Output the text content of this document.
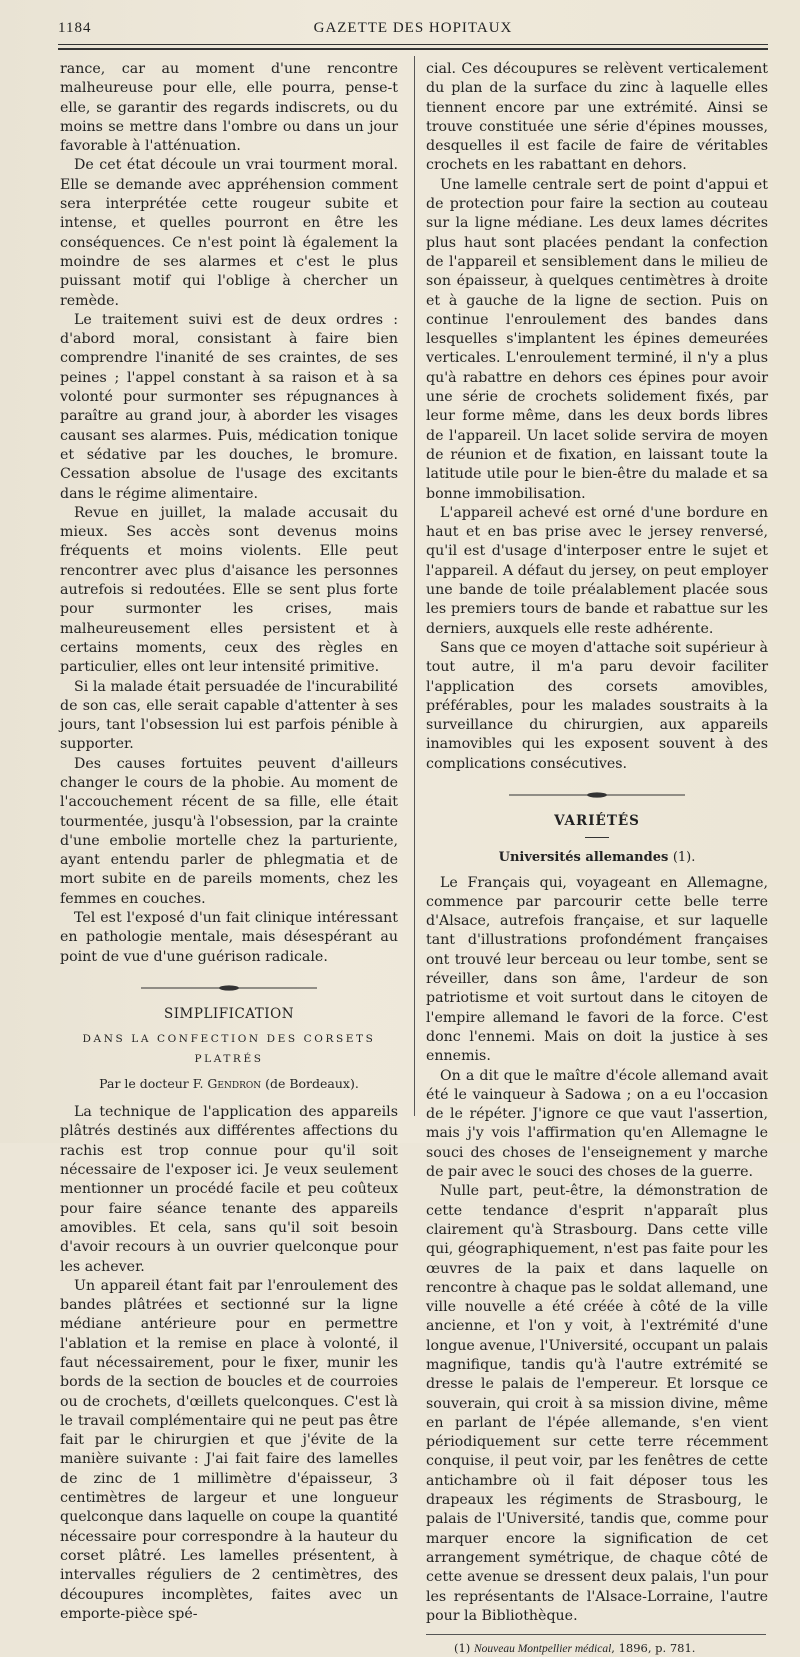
1184	GAZETTE DES HOPITAUX

rance, car au moment d'une rencontre malheureuse pour elle, elle pourra, pense-t elle, se garantir des regards indiscrets, ou du moins se mettre dans l'ombre ou dans un jour favorable à l'atténuation.

De cet état découle un vrai tourment moral. Elle se demande avec appréhension comment sera interprétée cette rougeur subite et intense, et quelles pourront en être les conséquences. Ce n'est point là également la moindre de ses alarmes et c'est le plus puissant motif qui l'oblige à chercher un remède.

Le traitement suivi est de deux ordres : d'abord moral, consistant à faire bien comprendre l'inanité de ses craintes, de ses peines ; l'appel constant à sa raison et à sa volonté pour surmonter ses répugnances à paraître au grand jour, à aborder les visages causant ses alarmes. Puis, médication tonique et sédative par les douches, le bromure. Cessation absolue de l'usage des excitants dans le régime alimentaire.

Revue en juillet, la malade accusait du mieux. Ses accès sont devenus moins fréquents et moins violents. Elle peut rencontrer avec plus d'aisance les personnes autrefois si redoutées. Elle se sent plus forte pour surmonter les crises, mais malheureusement elles persistent et à certains moments, ceux des règles en particulier, elles ont leur intensité primitive.

Si la malade était persuadée de l'incurabilité de son cas, elle serait capable d'attenter à ses jours, tant l'obsession lui est parfois pénible à supporter.

Des causes fortuites peuvent d'ailleurs changer le cours de la phobie. Au moment de l'accouchement récent de sa fille, elle était tourmentée, jusqu'à l'obsession, par la crainte d'une embolie mortelle chez la parturiente, ayant entendu parler de phlegmatia et de mort subite en de pareils moments, chez les femmes en couches.

Tel est l'exposé d'un fait clinique intéressant en pathologie mentale, mais désespérant au point de vue d'une guérison radicale.

SIMPLIFICATION
DANS LA CONFECTION DES CORSETS PLATRÉS
Par le docteur F. Gendron (de Bordeaux).

La technique de l'application des appareils plâtrés destinés aux différentes affections du rachis est trop connue pour qu'il soit nécessaire de l'exposer ici. Je veux seulement mentionner un procédé facile et peu coûteux pour faire séance tenante des appareils amovibles. Et cela, sans qu'il soit besoin d'avoir recours à un ouvrier quelconque pour les achever.

Un appareil étant fait par l'enroulement des bandes plâtrées et sectionné sur la ligne médiane antérieure pour en permettre l'ablation et la remise en place à volonté, il faut nécessairement, pour le fixer, munir les bords de la section de boucles et de courroies ou de crochets, d'œillets quelconques. C'est là le travail complémentaire qui ne peut pas être fait par le chirurgien et que j'évite de la manière suivante : J'ai fait faire des lamelles de zinc de 1 millimètre d'épaisseur, 3 centimètres de largeur et une longueur quelconque dans laquelle on coupe la quantité nécessaire pour correspondre à la hauteur du corset plâtré. Les lamelles présentent, à intervalles réguliers de 2 centimètres, des découpures incomplètes, faites avec un emporte-pièce spé-

cial. Ces découpures se relèvent verticalement du plan de la surface du zinc à laquelle elles tiennent encore par une extrémité. Ainsi se trouve constituée une série d'épines mousses, desquelles il est facile de faire de véritables crochets en les rabattant en dehors.

Une lamelle centrale sert de point d'appui et de protection pour faire la section au couteau sur la ligne médiane. Les deux lames décrites plus haut sont placées pendant la confection de l'appareil et sensiblement dans le milieu de son épaisseur, à quelques centimètres à droite et à gauche de la ligne de section. Puis on continue l'enroulement des bandes dans lesquelles s'implantent les épines demeurées verticales. L'enroulement terminé, il n'y a plus qu'à rabattre en dehors ces épines pour avoir une série de crochets solidement fixés, par leur forme même, dans les deux bords libres de l'appareil. Un lacet solide servira de moyen de réunion et de fixation, en laissant toute la latitude utile pour le bien-être du malade et sa bonne immobilisation.

L'appareil achevé est orné d'une bordure en haut et en bas prise avec le jersey renversé, qu'il est d'usage d'interposer entre le sujet et l'appareil. A défaut du jersey, on peut employer une bande de toile préalablement placée sous les premiers tours de bande et rabattue sur les derniers, auxquels elle reste adhérente.

Sans que ce moyen d'attache soit supérieur à tout autre, il m'a paru devoir faciliter l'application des corsets amovibles, préférables, pour les malades soustraits à la surveillance du chirurgien, aux appareils inamovibles qui les exposent souvent à des complications consécutives.

VARIÉTÉS
Universités allemandes (1).

Le Français qui, voyageant en Allemagne, commence par parcourir cette belle terre d'Alsace, autrefois française, et sur laquelle tant d'illustrations profondément françaises ont trouvé leur berceau ou leur tombe, sent se réveiller, dans son âme, l'ardeur de son patriotisme et voit surtout dans le citoyen de l'empire allemand le favori de la force. C'est donc l'ennemi. Mais on doit la justice à ses ennemis.

On a dit que le maître d'école allemand avait été le vainqueur à Sadowa ; on a eu l'occasion de le répéter. J'ignore ce que vaut l'assertion, mais j'y vois l'affirmation qu'en Allemagne le souci des choses de l'enseignement y marche de pair avec le souci des choses de la guerre.

Nulle part, peut-être, la démonstration de cette tendance d'esprit n'apparaît plus clairement qu'à Strasbourg. Dans cette ville qui, géographiquement, n'est pas faite pour les œuvres de la paix et dans laquelle on rencontre à chaque pas le soldat allemand, une ville nouvelle a été créée à côté de la ville ancienne, et l'on y voit, à l'extrémité d'une longue avenue, l'Université, occupant un palais magnifique, tandis qu'à l'autre extrémité se dresse le palais de l'empereur. Et lorsque ce souverain, qui croit à sa mission divine, même en parlant de l'épée allemande, s'en vient périodiquement sur cette terre récemment conquise, il peut voir, par les fenêtres de cette antichambre où il fait déposer tous les drapeaux les régiments de Strasbourg, le palais de l'Université, tandis que, comme pour marquer encore la signification de cet arrangement symétrique, de chaque côté de cette avenue se dressent deux palais, l'un pour les représentants de l'Alsace-Lorraine, l'autre pour la Bibliothèque.

(1) Nouveau Montpellier médical, 1896, p. 781.
